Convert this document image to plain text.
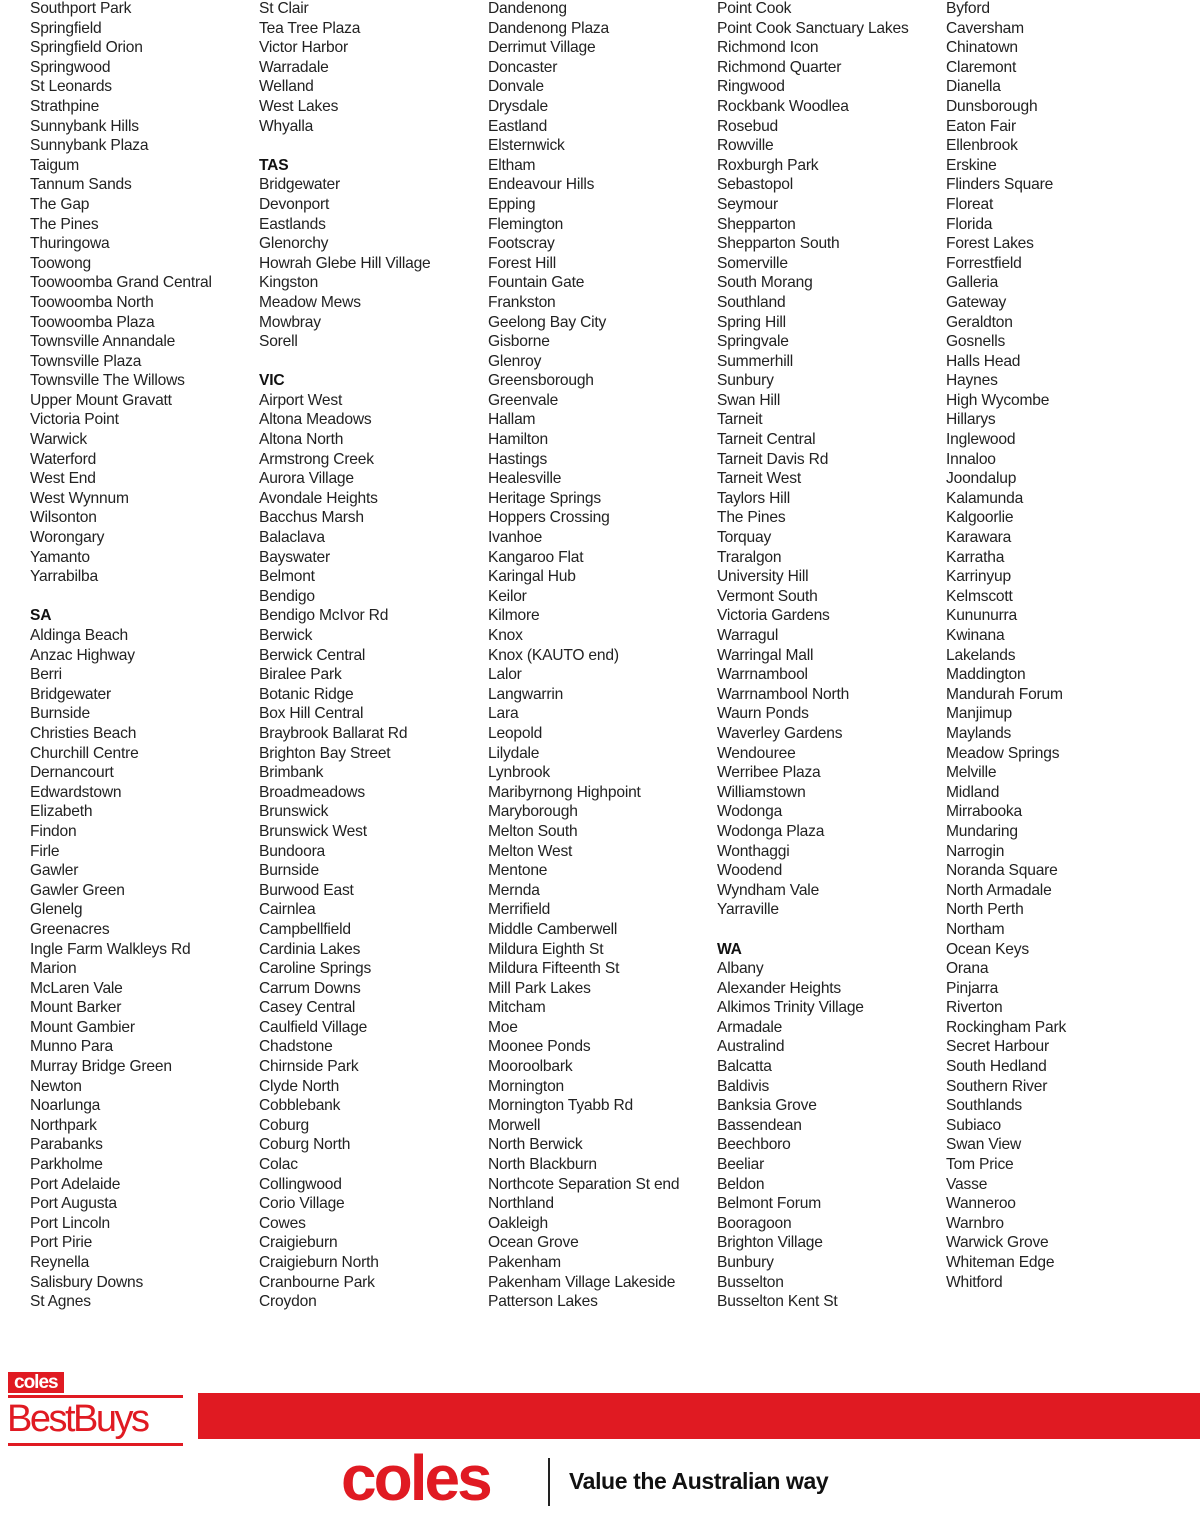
Southport Park
Springfield
Springfield Orion
Springwood
St Leonards
Strathpine
Sunnybank Hills
Sunnybank Plaza
Taigum
Tannum Sands
The Gap
The Pines
Thuringowa
Toowong
Toowoomba Grand Central
Toowoomba North
Toowoomba Plaza
Townsville Annandale
Townsville Plaza
Townsville The Willows
Upper Mount Gravatt
Victoria Point
Warwick
Waterford
West End
West Wynnum
Wilsonton
Worongary
Yamanto
Yarrabilba
SA
Aldinga Beach
Anzac Highway
Berri
Bridgewater
Burnside
Christies Beach
Churchill Centre
Dernancourt
Edwardstown
Elizabeth
Findon
Firle
Gawler
Gawler Green
Glenelg
Greenacres
Ingle Farm Walkleys Rd
Marion
McLaren Vale
Mount Barker
Mount Gambier
Munno Para
Murray Bridge Green
Newton
Noarlunga
Northpark
Parabanks
Parkholme
Port Adelaide
Port Augusta
Port Lincoln
Port Pirie
Reynella
Salisbury Downs
St Agnes
St Clair
Tea Tree Plaza
Victor Harbor
Warradale
Welland
West Lakes
Whyalla
TAS
Bridgewater
Devonport
Eastlands
Glenorchy
Howrah Glebe Hill Village
Kingston
Meadow Mews
Mowbray
Sorell
VIC
Airport West
Altona Meadows
Altona North
Armstrong Creek
Aurora Village
Avondale Heights
Bacchus Marsh
Balaclava
Bayswater
Belmont
Bendigo
Bendigo McIvor Rd
Berwick
Berwick Central
Biralee Park
Botanic Ridge
Box Hill Central
Braybrook Ballarat Rd
Brighton Bay Street
Brimbank
Broadmeadows
Brunswick
Brunswick West
Bundoora
Burnside
Burwood East
Cairnlea
Campbellfield
Cardinia Lakes
Caroline Springs
Carrum Downs
Casey Central
Caulfield Village
Chadstone
Chirnside Park
Clyde North
Cobblebank
Coburg
Coburg North
Colac
Collingwood
Corio Village
Cowes
Craigieburn
Craigieburn North
Cranbourne Park
Croydon
Dandenong
Dandenong Plaza
Derrimut Village
Doncaster
Donvale
Drysdale
Eastland
Elsternwick
Eltham
Endeavour Hills
Epping
Flemington
Footscray
Forest Hill
Fountain Gate
Frankston
Geelong Bay City
Gisborne
Glenroy
Greensborough
Greenvale
Hallam
Hamilton
Hastings
Healesville
Heritage Springs
Hoppers Crossing
Ivanhoe
Kangaroo Flat
Karingal Hub
Keilor
Kilmore
Knox
Knox (KAUTO end)
Lalor
Langwarrin
Lara
Leopold
Lilydale
Lynbrook
Maribyrnong Highpoint
Maryborough
Melton South
Melton West
Mentone
Mernda
Merrifield
Middle Camberwell
Mildura Eighth St
Mildura Fifteenth St
Mill Park Lakes
Mitcham
Moe
Moonee Ponds
Mooroolbark
Mornington
Mornington Tyabb Rd
Morwell
North Berwick
North Blackburn
Northcote Separation St end
Northland
Oakleigh
Ocean Grove
Pakenham
Pakenham Village Lakeside
Patterson Lakes
Point Cook
Point Cook Sanctuary Lakes
Richmond Icon
Richmond Quarter
Ringwood
Rockbank Woodlea
Rosebud
Rowville
Roxburgh Park
Sebastopol
Seymour
Shepparton
Shepparton South
Somerville
South Morang
Southland
Spring Hill
Springvale
Summerhill
Sunbury
Swan Hill
Tarneit
Tarneit Central
Tarneit Davis Rd
Tarneit West
Taylors Hill
The Pines
Torquay
Traralgon
University Hill
Vermont South
Victoria Gardens
Warragul
Warringal Mall
Warrnambool
Warrnambool North
Waurn Ponds
Waverley Gardens
Wendouree
Werribee Plaza
Williamstown
Wodonga
Wodonga Plaza
Wonthaggi
Woodend
Wyndham Vale
Yarraville
WA
Albany
Alexander Heights
Alkimos Trinity Village
Armadale
Australind
Balcatta
Baldivis
Banksia Grove
Bassendean
Beechboro
Beeliar
Beldon
Belmont Forum
Booragoon
Brighton Village
Bunbury
Busselton
Busselton Kent St
Byford
Caversham
Chinatown
Claremont
Dianella
Dunsborough
Eaton Fair
Ellenbrook
Erskine
Flinders Square
Floreat
Florida
Forest Lakes
Forrestfield
Galleria
Gateway
Geraldton
Gosnells
Halls Head
Haynes
High Wycombe
Hillarys
Inglewood
Innaloo
Joondalup
Kalamunda
Kalgoorlie
Karawara
Karratha
Karrinyup
Kelmscott
Kununurra
Kwinana
Lakelands
Maddington
Mandurah Forum
Manjimup
Maylands
Meadow Springs
Melville
Midland
Mirrabooka
Mundaring
Narrogin
Noranda Square
North Armadale
North Perth
Northam
Ocean Keys
Orana
Pinjarra
Riverton
Rockingham Park
Secret Harbour
South Hedland
Southern River
Southlands
Subiaco
Swan View
Tom Price
Vasse
Wanneroo
Warnbro
Warwick Grove
Whiteman Edge
Whitford
coles
BestBuys
coles	Value the Australian way
